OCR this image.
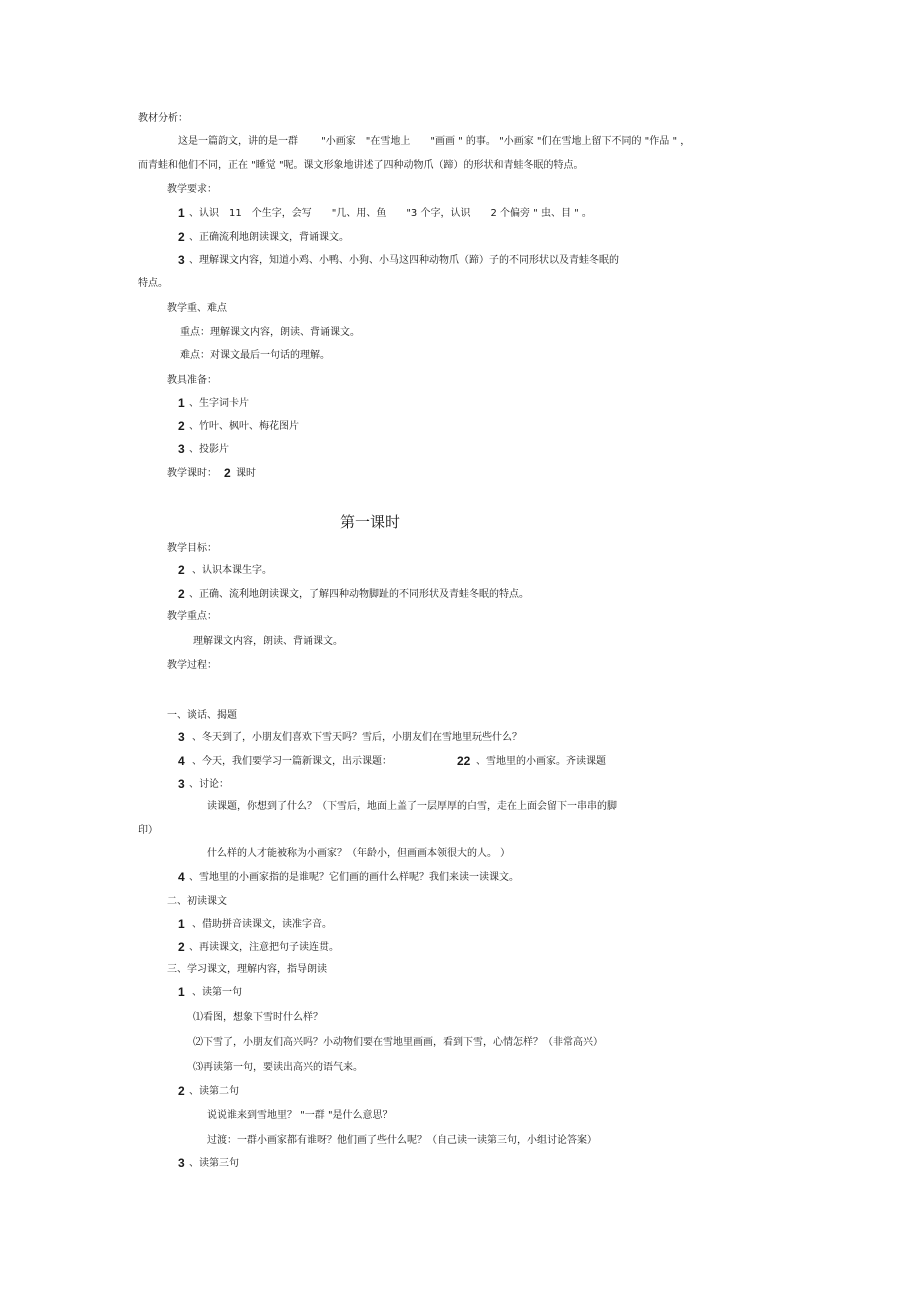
教材分析：
这是一篇韵文，讲的是一群　　 "小画家　"在雪地上　　"画画 " 的事。 "小画家 "们在雪地上留下不同的 "作品 " ，
而青蛙和他们不同，正在 "睡觉 "呢。课文形象地讲述了四种动物爪（蹄）的形状和青蛙冬眠的特点。
教学要求：
1 、认识　11　个生字，会写　　"几、用、鱼　　"3 个字，认识　　2 个偏旁 " 虫、目 " 。
2 、正确流利地朗读课文，背诵课文。
3 、理解课文内容，知道小鸡、小鸭、小狗、小马这四种动物爪（蹄）子的不同形状以及青蛙冬眠的
特点。
教学重、难点
重点：理解课文内容，朗读、背诵课文。
难点：对课文最后一句话的理解。
教具准备：
1 、生字词卡片
2 、竹叶、枫叶、梅花图片
3 、投影片
教学课时： 2 课时
第一课时
教学目标：
2 、认识本课生字。
2 、正确、流利地朗读课文，了解四种动物脚趾的不同形状及青蛙冬眠的特点。
教学重点：
理解课文内容，朗读、背诵课文。
教学过程：
一、谈话、揭题
3 、冬天到了，小朋友们喜欢下雪天吗？雪后，小朋友们在雪地里玩些什么？
4 、今天，我们要学习一篇新课文，出示课题：	22 、雪地里的小画家。齐读课题
3 、讨论：
读课题，你想到了什么？（下雪后，地面上盖了一层厚厚的白雪，走在上面会留下一串串的脚
印）
什么样的人才能被称为小画家？（年龄小，但画画本领很大的人。 ）
4 、雪地里的小画家指的是谁呢？它们画的画什么样呢？我们来读一读课文。
二、初读课文
1 、借助拼音读课文，读准字音。
2 、再读课文，注意把句子读连贯。
三、学习课文，理解内容，指导朗读
1 、读第一句
⑴看图，想象下雪时什么样？
⑵下雪了，小朋友们高兴吗？小动物们要在雪地里画画，看到下雪，心情怎样？（非常高兴）
⑶再读第一句，要读出高兴的语气来。
2 、读第二句
说说谁来到雪地里？ "一群 "是什么意思？
过渡：一群小画家都有谁呀？他们画了些什么呢？（自己读一读第三句，小组讨论答案）
3 、读第三句
